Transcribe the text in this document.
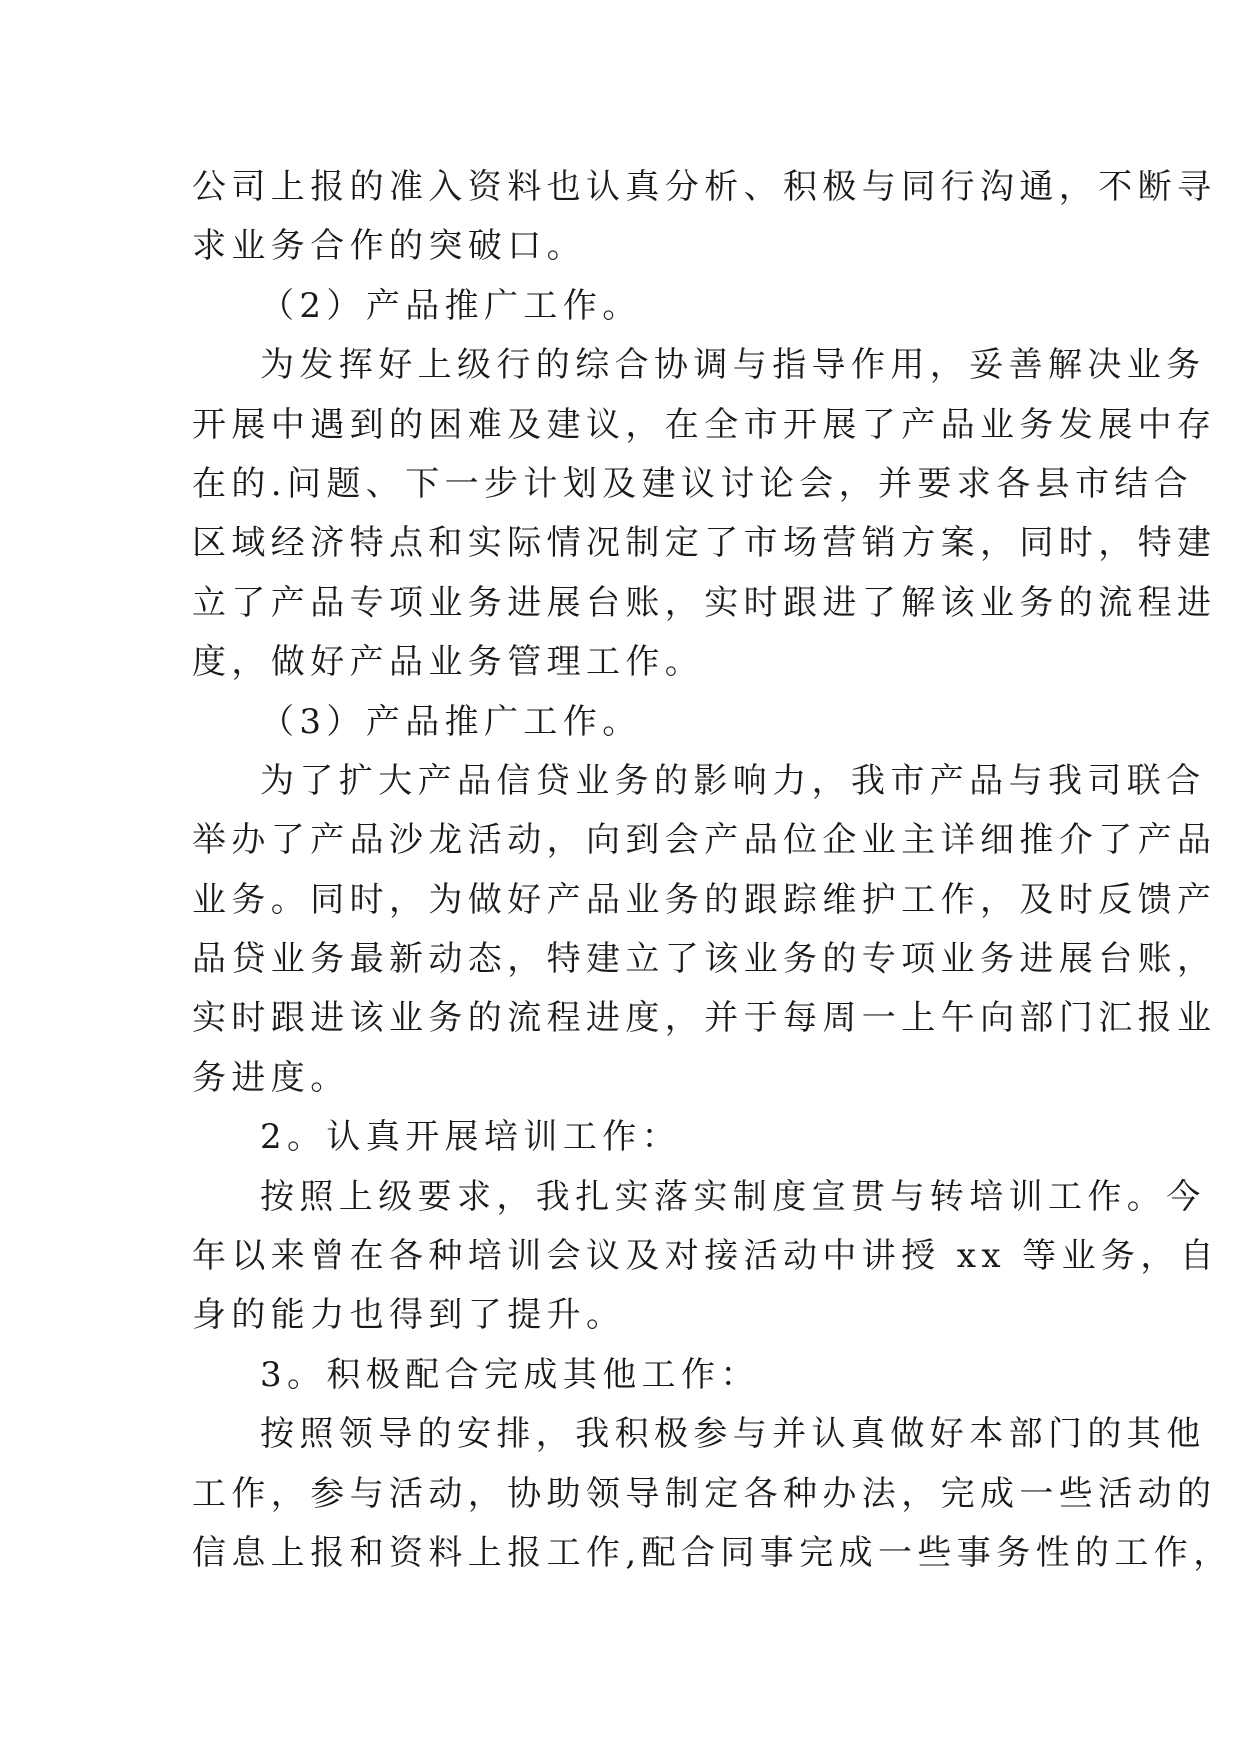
公司上报的准入资料也认真分析、积极与同行沟通，不断寻
求业务合作的突破口。
（2）产品推广工作。
为发挥好上级行的综合协调与指导作用，妥善解决业务
开展中遇到的困难及建议，在全市开展了产品业务发展中存
在的.问题、下一步计划及建议讨论会，并要求各县市结合
区域经济特点和实际情况制定了市场营销方案，同时，特建
立了产品专项业务进展台账，实时跟进了解该业务的流程进
度，做好产品业务管理工作。
（3）产品推广工作。
为了扩大产品信贷业务的影响力，我市产品与我司联合
举办了产品沙龙活动，向到会产品位企业主详细推介了产品
业务。同时，为做好产品业务的跟踪维护工作，及时反馈产
品贷业务最新动态，特建立了该业务的专项业务进展台账，
实时跟进该业务的流程进度，并于每周一上午向部门汇报业
务进度。
2。认真开展培训工作：
按照上级要求，我扎实落实制度宣贯与转培训工作。今
年以来曾在各种培训会议及对接活动中讲授 xx 等业务，自
身的能力也得到了提升。
3。积极配合完成其他工作：
按照领导的安排，我积极参与并认真做好本部门的其他
工作，参与活动，协助领导制定各种办法，完成一些活动的
信息上报和资料上报工作,配合同事完成一些事务性的工作，
